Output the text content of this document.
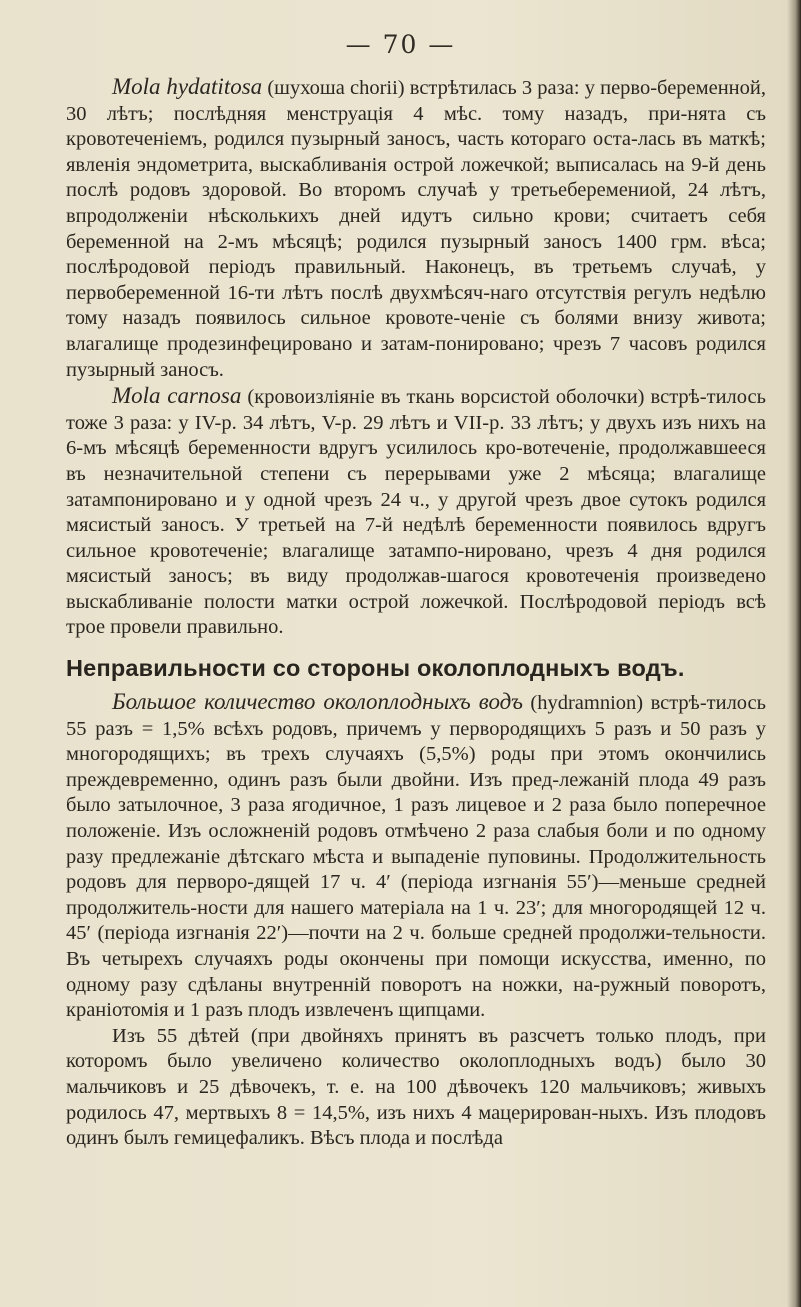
— 70 —

Mola hydatitosa (шухоша сhorii) встрѣтилась 3 раза: у перво-беременной, 30 лѣтъ; послѣдняя менструація 4 мѣс. тому назадъ, при-нята съ кровотеченіемъ, родился пузырный заносъ, часть котораго оста-лась въ маткѣ; явленія эндометрита, выскабливанія острой ложечкой; выписалась на 9-й день послѣ родовъ здоровой. Во второмъ случаѣ у третьеберемениой, 24 лѣтъ, впродолженіи нѣсколькихъ дней идутъ сильно крови; считаетъ себя беременной на 2-мъ мѣсяцѣ; родился пузырный заносъ 1400 грм. вѣса; послѣродовой періодъ правильный. Наконецъ, въ третьемъ случаѣ, у первобеременной 16-ти лѣтъ послѣ двухмѣсяч-наго отсутствія регулъ недѣлю тому назадъ появилось сильное кровоте-ченіе съ болями внизу живота; влагалище продезинфецировано и затам-понировано; чрезъ 7 часовъ родился пузырный заносъ.

Mola carnosa (кровоизліяніе въ ткань ворсистой оболочки) встрѣ-тилось тоже 3 раза: у IV-р. 34 лѣтъ, V-р. 29 лѣтъ и VII-р. 33 лѣтъ; у двухъ изъ нихъ на 6-мъ мѣсяцѣ беременности вдругъ усилилось кро-вотеченіе, продолжавшееся въ незначительной степени съ перерывами уже 2 мѣсяца; влагалище затампонировано и у одной чрезъ 24 ч., у другой чрезъ двое сутокъ родился мясистый заносъ. У третьей на 7-й недѣлѣ беременности появилось вдругъ сильное кровотеченіе; влагалище затампо-нировано, чрезъ 4 дня родился мясистый заносъ; въ виду продолжав-шагося кровотеченія произведено выскабливаніе полости матки острой ложечкой. Послѣродовой періодъ всѣ трое провели правильно.

Неправильности со стороны околоплодныхъ водъ.

Большое количество околоплодныхъ водъ (hydramnion) встрѣ-тилось 55 разъ = 1,5% всѣхъ родовъ, причемъ у первородящихъ 5 разъ и 50 разъ у многородящихъ; въ трехъ случаяхъ (5,5%) роды при этомъ окончились преждевременно, одинъ разъ были двойни. Изъ пред-лежаній плода 49 разъ было затылочное, 3 раза ягодичное, 1 разъ лицевое и 2 раза было поперечное положеніе. Изъ осложненій родовъ отмѣчено 2 раза слабыя боли и по одному разу предлежаніе дѣтскаго мѣста и выпаденіе пуповины. Продолжительность родовъ для перворо-дящей 17 ч. 4′ (періода изгнанія 55′)—меньше средней продолжитель-ности для нашего матеріала на 1 ч. 23′; для многородящей 12 ч. 45′ (періода изгнанія 22′)—почти на 2 ч. больше средней продолжи-тельности. Въ четырехъ случаяхъ роды окончены при помощи искусства, именно, по одному разу сдѣланы внутренній поворотъ на ножки, на-ружный поворотъ, краніотомія и 1 разъ плодъ извлеченъ щипцами.

Изъ 55 дѣтей (при двойняхъ принятъ въ разсчетъ только плодъ, при которомъ было увеличено количество околоплодныхъ водъ) было 30 мальчиковъ и 25 дѣвочекъ, т. е. на 100 дѣвочекъ 120 мальчиковъ; живыхъ родилось 47, мертвыхъ 8 = 14,5%, изъ нихъ 4 мацерирован-ныхъ. Изъ плодовъ одинъ былъ гемицефаликъ. Вѣсъ плода и послѣда
